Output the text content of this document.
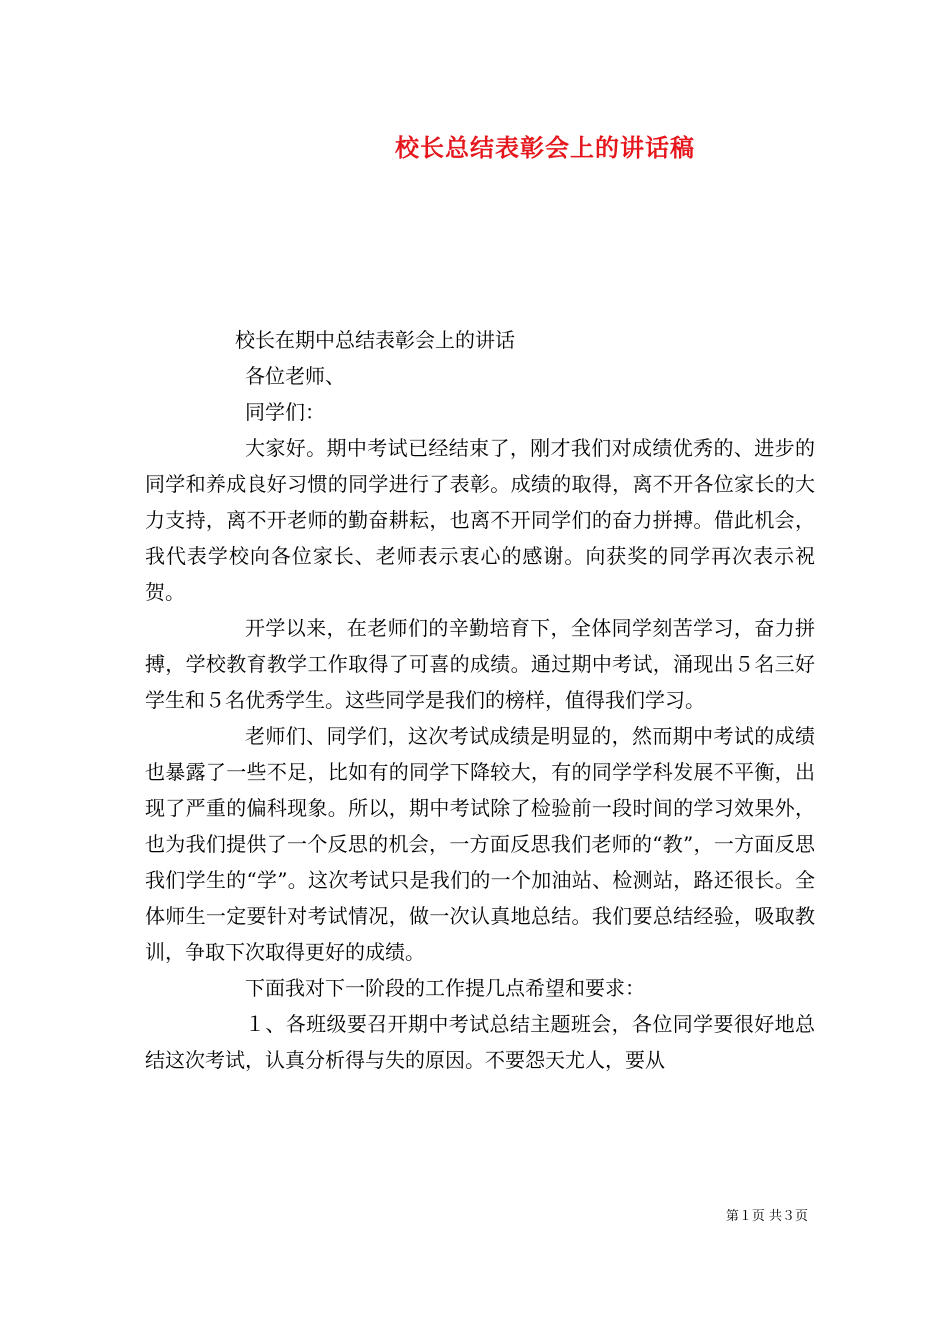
校长总结表彰会上的讲话稿

校长在期中总结表彰会上的讲话

各位老师、

同学们：

大家好。期中考试已经结束了，刚才我们对成绩优秀的、进步的同学和养成良好习惯的同学进行了表彰。成绩的取得，离不开各位家长的大力支持，离不开老师的勤奋耕耘，也离不开同学们的奋力拼搏。借此机会，我代表学校向各位家长、老师表示衷心的感谢。向获奖的同学再次表示祝贺。

开学以来，在老师们的辛勤培育下，全体同学刻苦学习，奋力拼搏，学校教育教学工作取得了可喜的成绩。通过期中考试，涌现出５名三好学生和５名优秀学生。这些同学是我们的榜样，值得我们学习。

老师们、同学们，这次考试成绩是明显的，然而期中考试的成绩也暴露了一些不足，比如有的同学下降较大，有的同学学科发展不平衡，出现了严重的偏科现象。所以，期中考试除了检验前一段时间的学习效果外，也为我们提供了一个反思的机会，一方面反思我们老师的“教”，一方面反思我们学生的“学”。这次考试只是我们的一个加油站、检测站，路还很长。全体师生一定要针对考试情况，做一次认真地总结。我们要总结经验，吸取教训，争取下次取得更好的成绩。

下面我对下一阶段的工作提几点希望和要求：

１、各班级要召开期中考试总结主题班会，各位同学要很好地总结这次考试，认真分析得与失的原因。不要怨天尤人，要从

第１页 共３页
